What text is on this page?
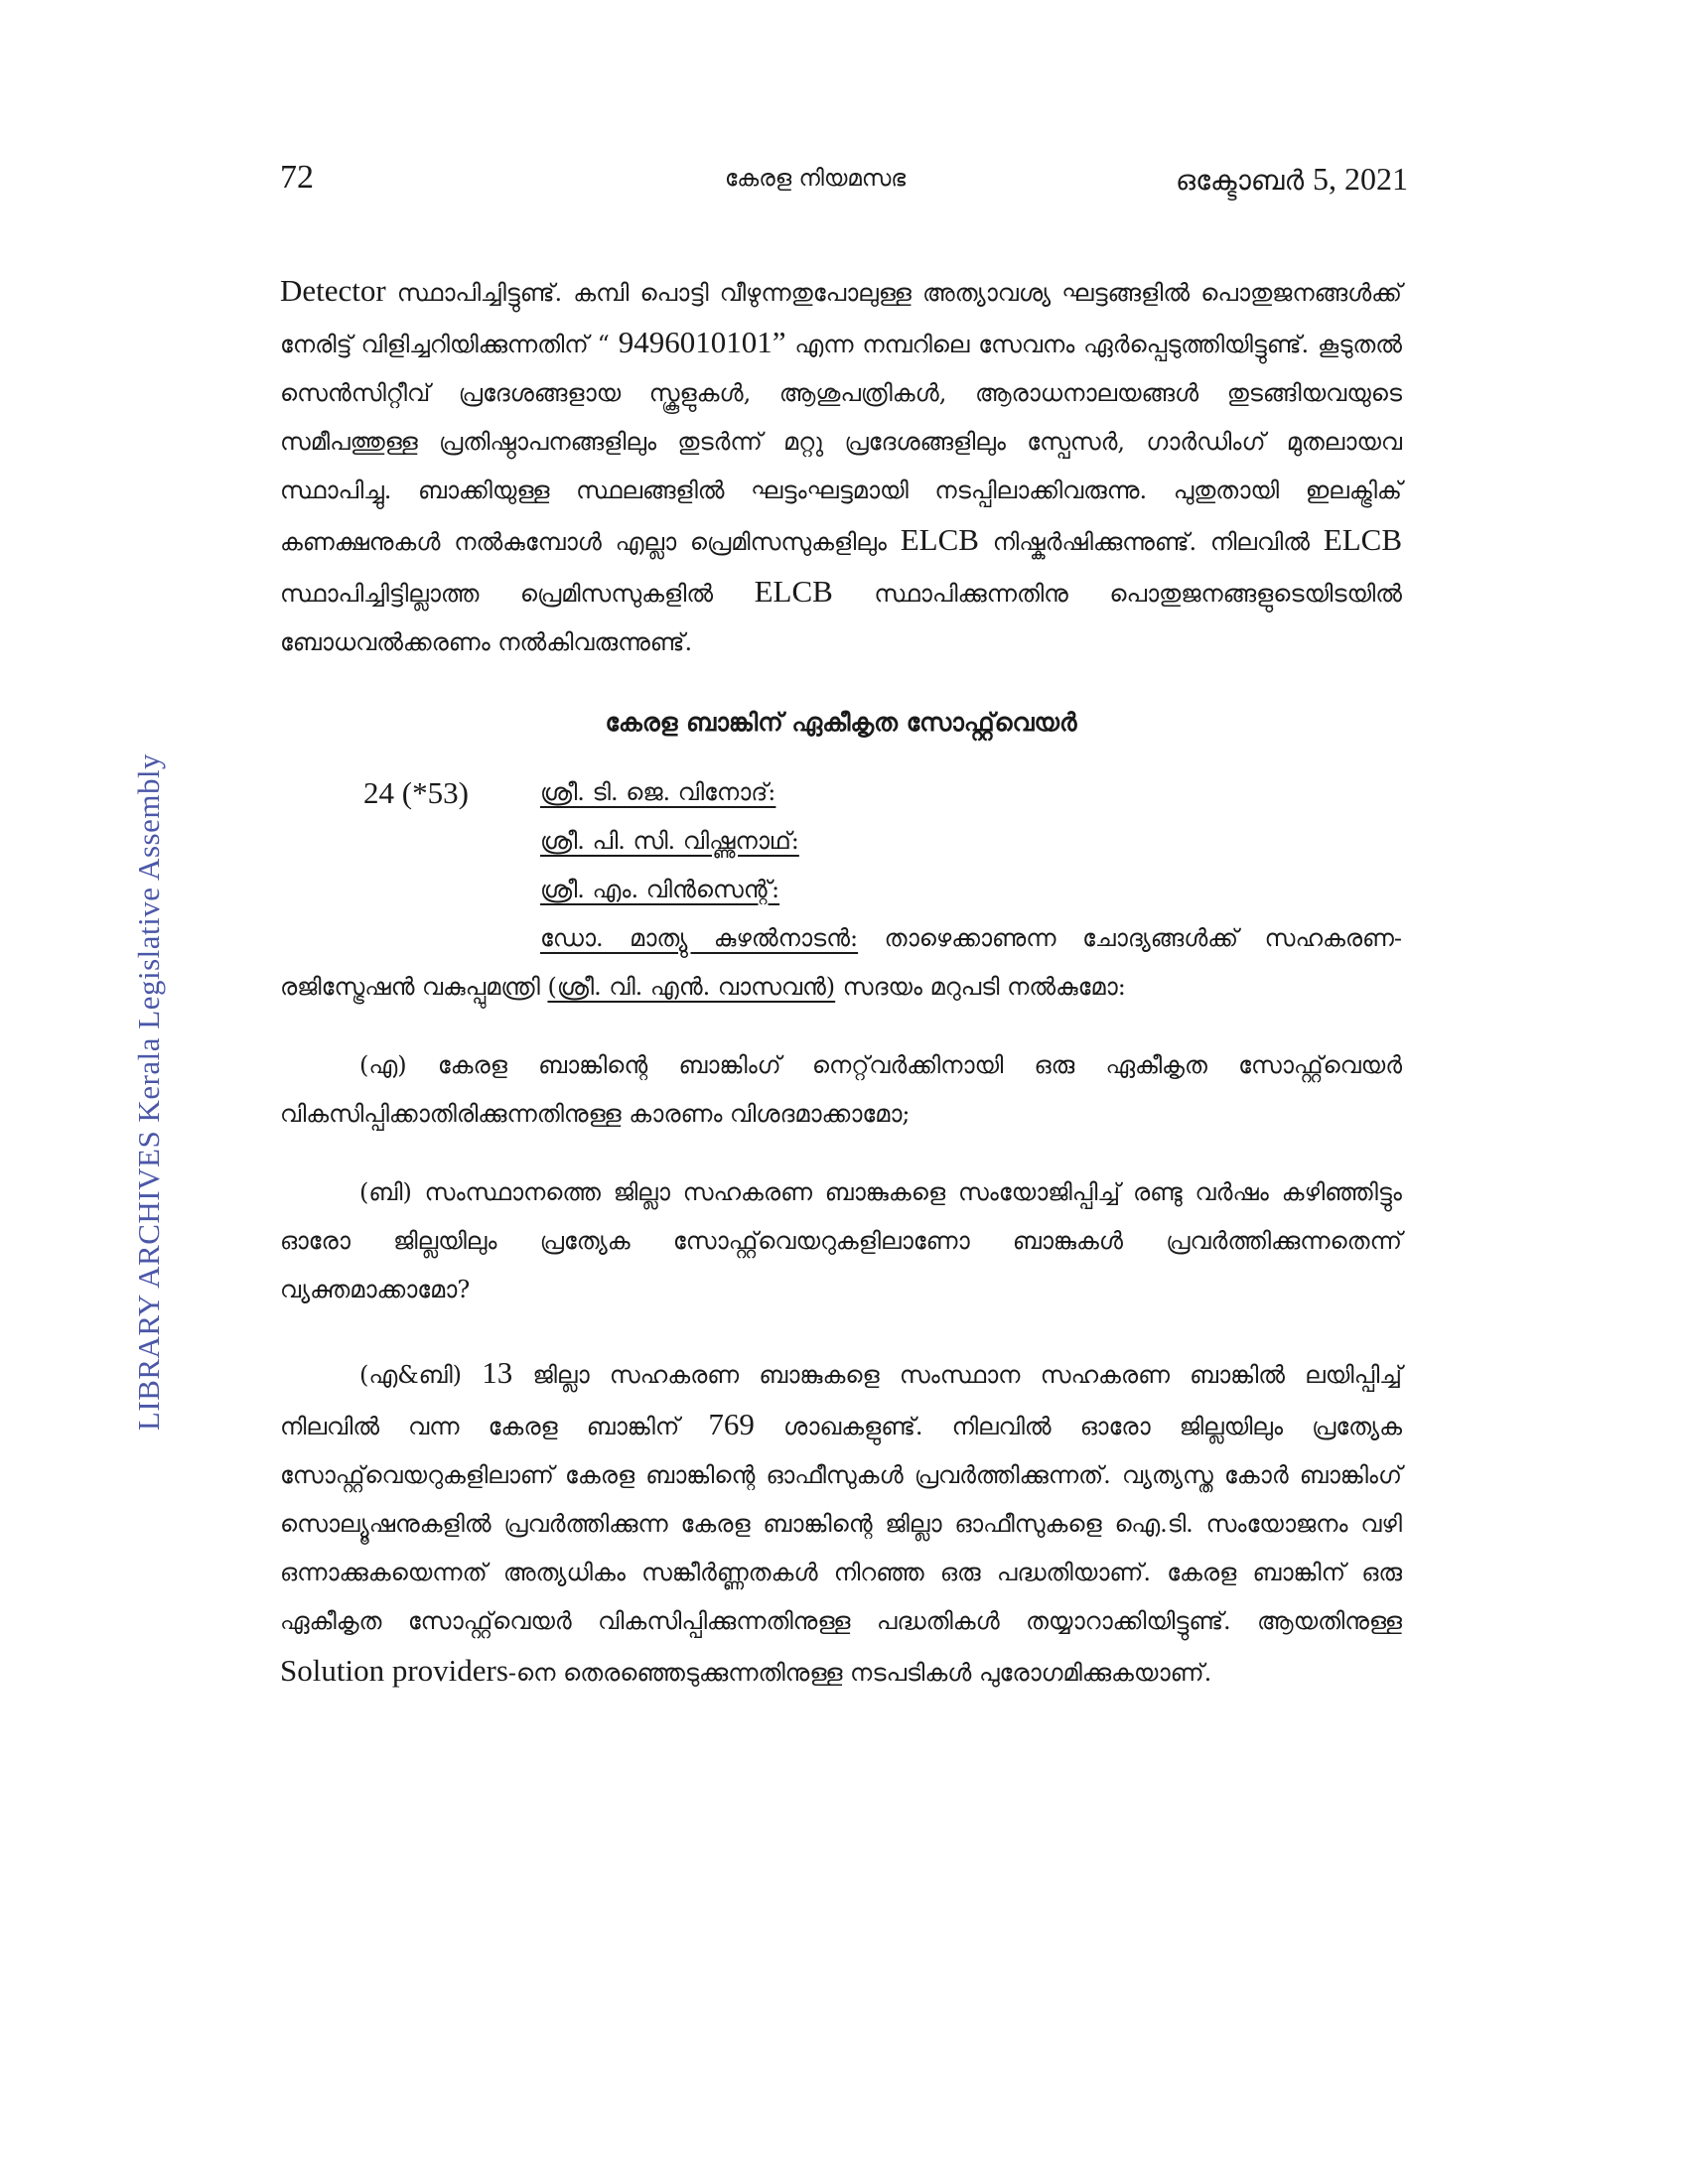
72	കേരള നിയമസഭ	ഒക്ടോബർ 5, 2021
LIBRARY ARCHIVES Kerala Legislative Assembly

Detector സ്ഥാപിച്ചിട്ടുണ്ട്. കമ്പി പൊട്ടി വീഴുന്നതുപോലുള്ള അത്യാവശ്യ ഘട്ടങ്ങളിൽ പൊതുജനങ്ങൾക്ക് നേരിട്ട് വിളിച്ചറിയിക്കുന്നതിന് “ 9496010101” എന്ന നമ്പറിലെ സേവനം ഏർപ്പെടുത്തിയിട്ടുണ്ട്. കൂടുതൽ സെൻസിറ്റീവ് പ്രദേശങ്ങളായ സ്കൂളുകൾ, ആശുപത്രികൾ, ആരാധനാലയങ്ങൾ തുടങ്ങിയവയുടെ സമീപത്തുള്ള പ്രതിഷ്ഠാപനങ്ങളിലും തുടർന്ന് മറ്റു പ്രദേശങ്ങളിലും സ്പേസർ, ഗാർഡിംഗ് മുതലായവ സ്ഥാപിച്ചു. ബാക്കിയുള്ള സ്ഥലങ്ങളിൽ ഘട്ടംഘട്ടമായി നടപ്പിലാക്കിവരുന്നു. പുതുതായി ഇലക്ട്രിക് കണക്ഷനുകൾ നൽകുമ്പോൾ എല്ലാ പ്രെമിസസുകളിലും ELCB നിഷ്കർഷിക്കുന്നുണ്ട്. നിലവിൽ ELCB സ്ഥാപിച്ചിട്ടില്ലാത്ത പ്രെമിസസുകളിൽ ELCB സ്ഥാപിക്കുന്നതിനു പൊതുജനങ്ങളുടെയിടയിൽ ബോധവൽക്കരണം നൽകിവരുന്നുണ്ട്.

കേരള ബാങ്കിന് ഏകീകൃത സോഫ്റ്റ്‌വെയർ
24 (*53)	ശ്രീ. ടി. ജെ. വിനോദ്:
ശ്രീ. പി. സി. വിഷ്ണുനാഥ്:
ശ്രീ. എം. വിൻസെന്റ്:

ഡോ. മാത്യു കുഴൽനാടൻ: താഴെക്കാണുന്ന ചോദ്യങ്ങൾക്ക് സഹകരണ-രജിസ്ട്രേഷൻ വകുപ്പുമന്ത്രി (ശ്രീ. വി. എൻ. വാസവൻ) സദയം മറുപടി നൽകുമോ:

(എ) കേരള ബാങ്കിന്റെ ബാങ്കിംഗ് നെറ്റ്‌വർക്കിനായി ഒരു ഏകീകൃത സോഫ്റ്റ്‌വെയർ വികസിപ്പിക്കാതിരിക്കുന്നതിനുള്ള കാരണം വിശദമാക്കാമോ;

(ബി) സംസ്ഥാനത്തെ ജില്ലാ സഹകരണ ബാങ്കുകളെ സംയോജിപ്പിച്ച് രണ്ടു വർഷം കഴിഞ്ഞിട്ടും ഓരോ ജില്ലയിലും പ്രത്യേക സോഫ്റ്റ്‌വെയറുകളിലാണോ ബാങ്കുകൾ പ്രവർത്തിക്കുന്നതെന്ന് വ്യക്തമാക്കാമോ?

(എ&ബി) 13 ജില്ലാ സഹകരണ ബാങ്കുകളെ സംസ്ഥാന സഹകരണ ബാങ്കിൽ ലയിപ്പിച്ച് നിലവിൽ വന്ന കേരള ബാങ്കിന് 769 ശാഖകളുണ്ട്. നിലവിൽ ഓരോ ജില്ലയിലും പ്രത്യേക സോഫ്റ്റ്‌വെയറുകളിലാണ് കേരള ബാങ്കിന്റെ ഓഫീസുകൾ പ്രവർത്തിക്കുന്നത്. വ്യത്യസ്ത കോർ ബാങ്കിംഗ് സൊല്യൂഷനുകളിൽ പ്രവർത്തിക്കുന്ന കേരള ബാങ്കിന്റെ ജില്ലാ ഓഫീസുകളെ ഐ.ടി. സംയോജനം വഴി ഒന്നാക്കുകയെന്നത് അത്യധികം സങ്കീർണ്ണതകൾ നിറഞ്ഞ ഒരു പദ്ധതിയാണ്. കേരള ബാങ്കിന് ഒരു ഏകീകൃത സോഫ്റ്റ്‌വെയർ വികസിപ്പിക്കുന്നതിനുള്ള പദ്ധതികൾ തയ്യാറാക്കിയിട്ടുണ്ട്. ആയതിനുള്ള Solution providers-നെ തെരഞ്ഞെടുക്കുന്നതിനുള്ള നടപടികൾ പുരോഗമിക്കുകയാണ്.
